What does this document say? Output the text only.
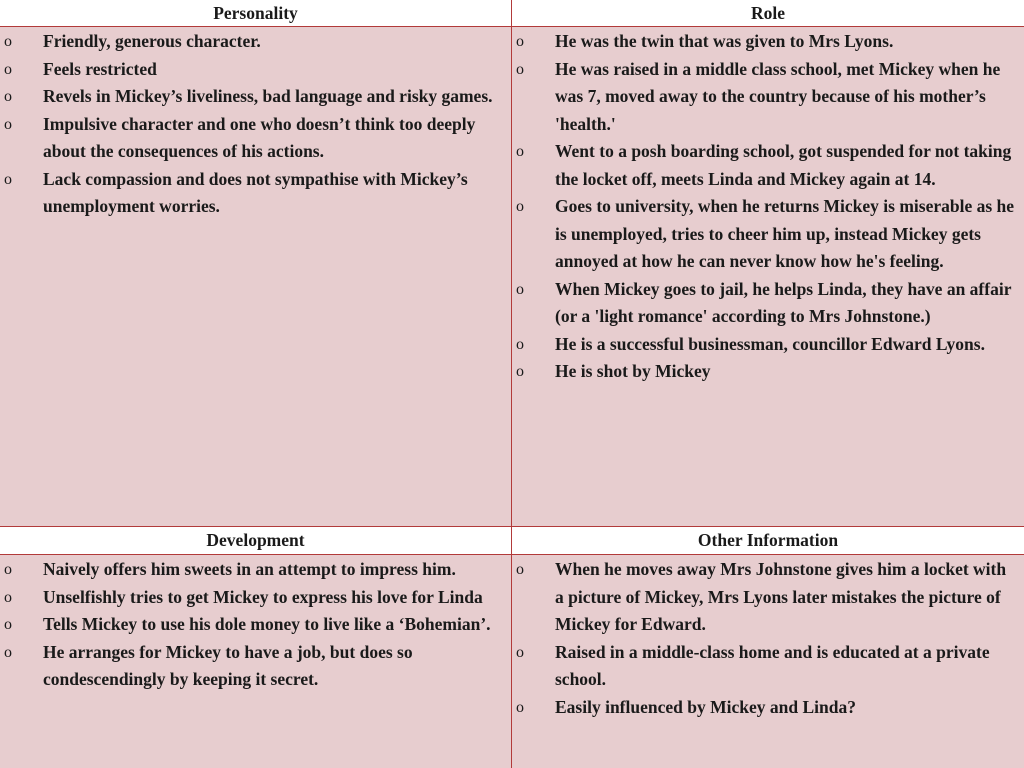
Personality	Role
o Friendly, generous character.
o Feels restricted
o Revels in Mickey’s liveliness, bad language and risky games.
o Impulsive character and one who doesn’t think too deeply about the consequences of his actions.
o Lack compassion and does not sympathise with Mickey’s unemployment worries.
o He was the twin that was given to Mrs Lyons.
o He was raised in a middle class school, met Mickey when he was 7, moved away to the country because of his mother’s 'health.'
o Went to a posh boarding school, got suspended for not taking the locket off, meets Linda and Mickey again at 14.
o Goes to university, when he returns Mickey is miserable as he is unemployed, tries to cheer him up, instead Mickey gets annoyed at how he can never know how he's feeling.
o When Mickey goes to jail, he helps Linda, they have an affair (or a 'light romance' according to Mrs Johnstone.)
o He is a successful businessman, councillor Edward Lyons.
o He is shot by Mickey
Development	Other Information
o Naively offers him sweets in an attempt to impress him.
o Unselfishly tries to get Mickey to express his love for Linda
o Tells Mickey to use his dole money to live like a ‘Bohemian’.
o He arranges for Mickey to have a job, but does so condescendingly by keeping it secret.
o When he moves away Mrs Johnstone gives him a locket with a picture of Mickey, Mrs Lyons later mistakes the picture of Mickey for Edward.
o Raised in a middle-class home and is educated at a private school.
o Easily influenced by Mickey and Linda?
